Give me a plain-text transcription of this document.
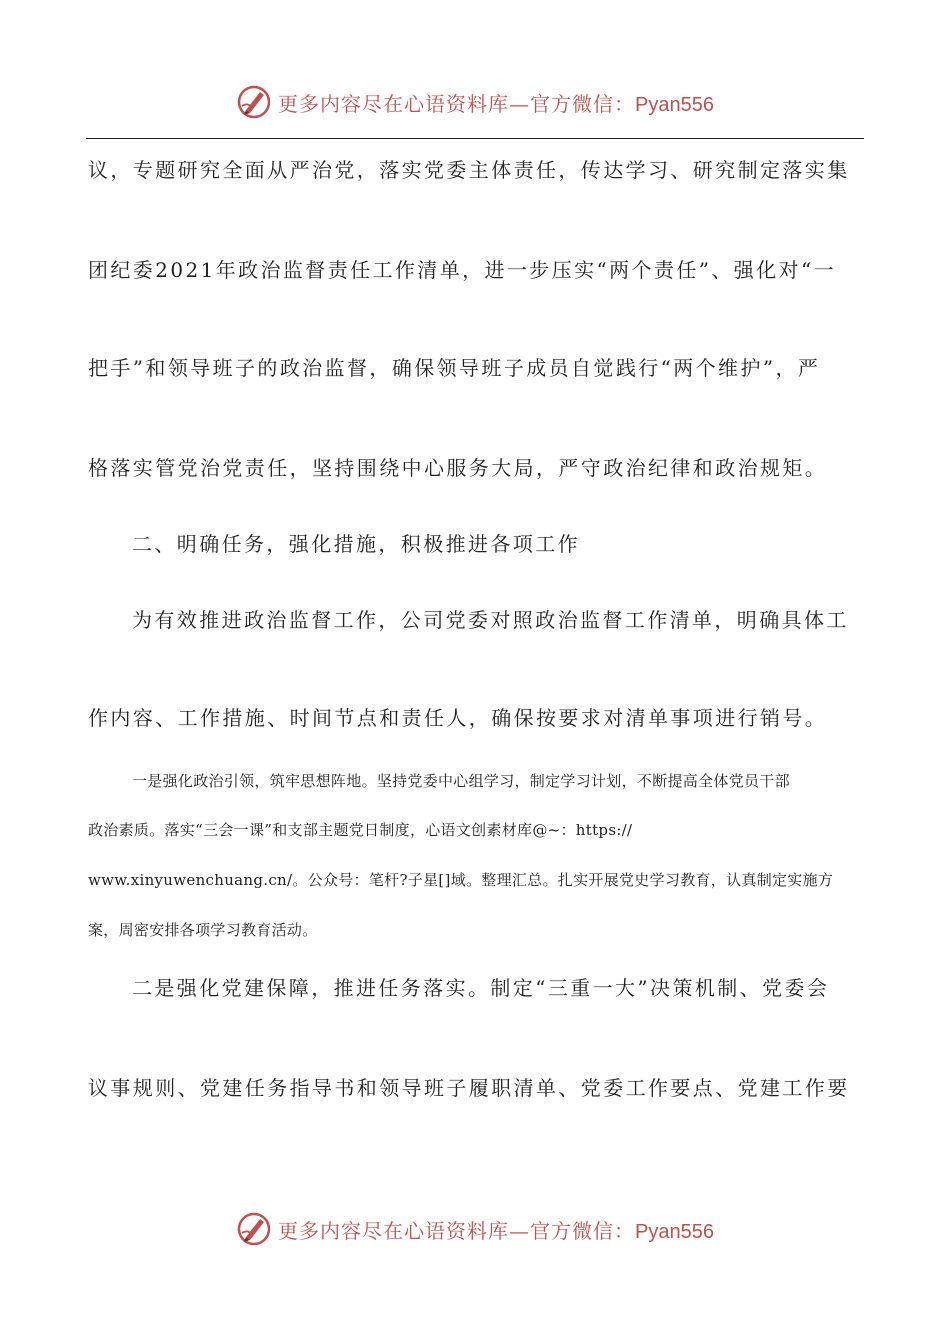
更多内容尽在心语资料库—官方微信：Pyan556
议，专题研究全面从严治党，落实党委主体责任，传达学习、研究制定落实集
团纪委2021年政治监督责任工作清单，进一步压实“两个责任”、强化对“一
把手”和领导班子的政治监督，确保领导班子成员自觉践行“两个维护”，严
格落实管党治党责任，坚持围绕中心服务大局，严守政治纪律和政治规矩。
二、明确任务，强化措施，积极推进各项工作
为有效推进政治监督工作，公司党委对照政治监督工作清单，明确具体工
作内容、工作措施、时间节点和责任人，确保按要求对清单事项进行销号。
一是强化政治引领，筑牢思想阵地。坚持党委中心组学习，制定学习计划，不断提高全体党员干部
政治素质。落实“三会一课”和支部主题党日制度，心语文创素材库@~：https://
www.xinyuwenchuang.cn/。公众号：笔杆?子星[]域。整理汇总。扎实开展党史学习教育，认真制定实施方
案，周密安排各项学习教育活动。
二是强化党建保障，推进任务落实。制定“三重一大”决策机制、党委会
议事规则、党建任务指导书和领导班子履职清单、党委工作要点、党建工作要
更多内容尽在心语资料库—官方微信：Pyan556
